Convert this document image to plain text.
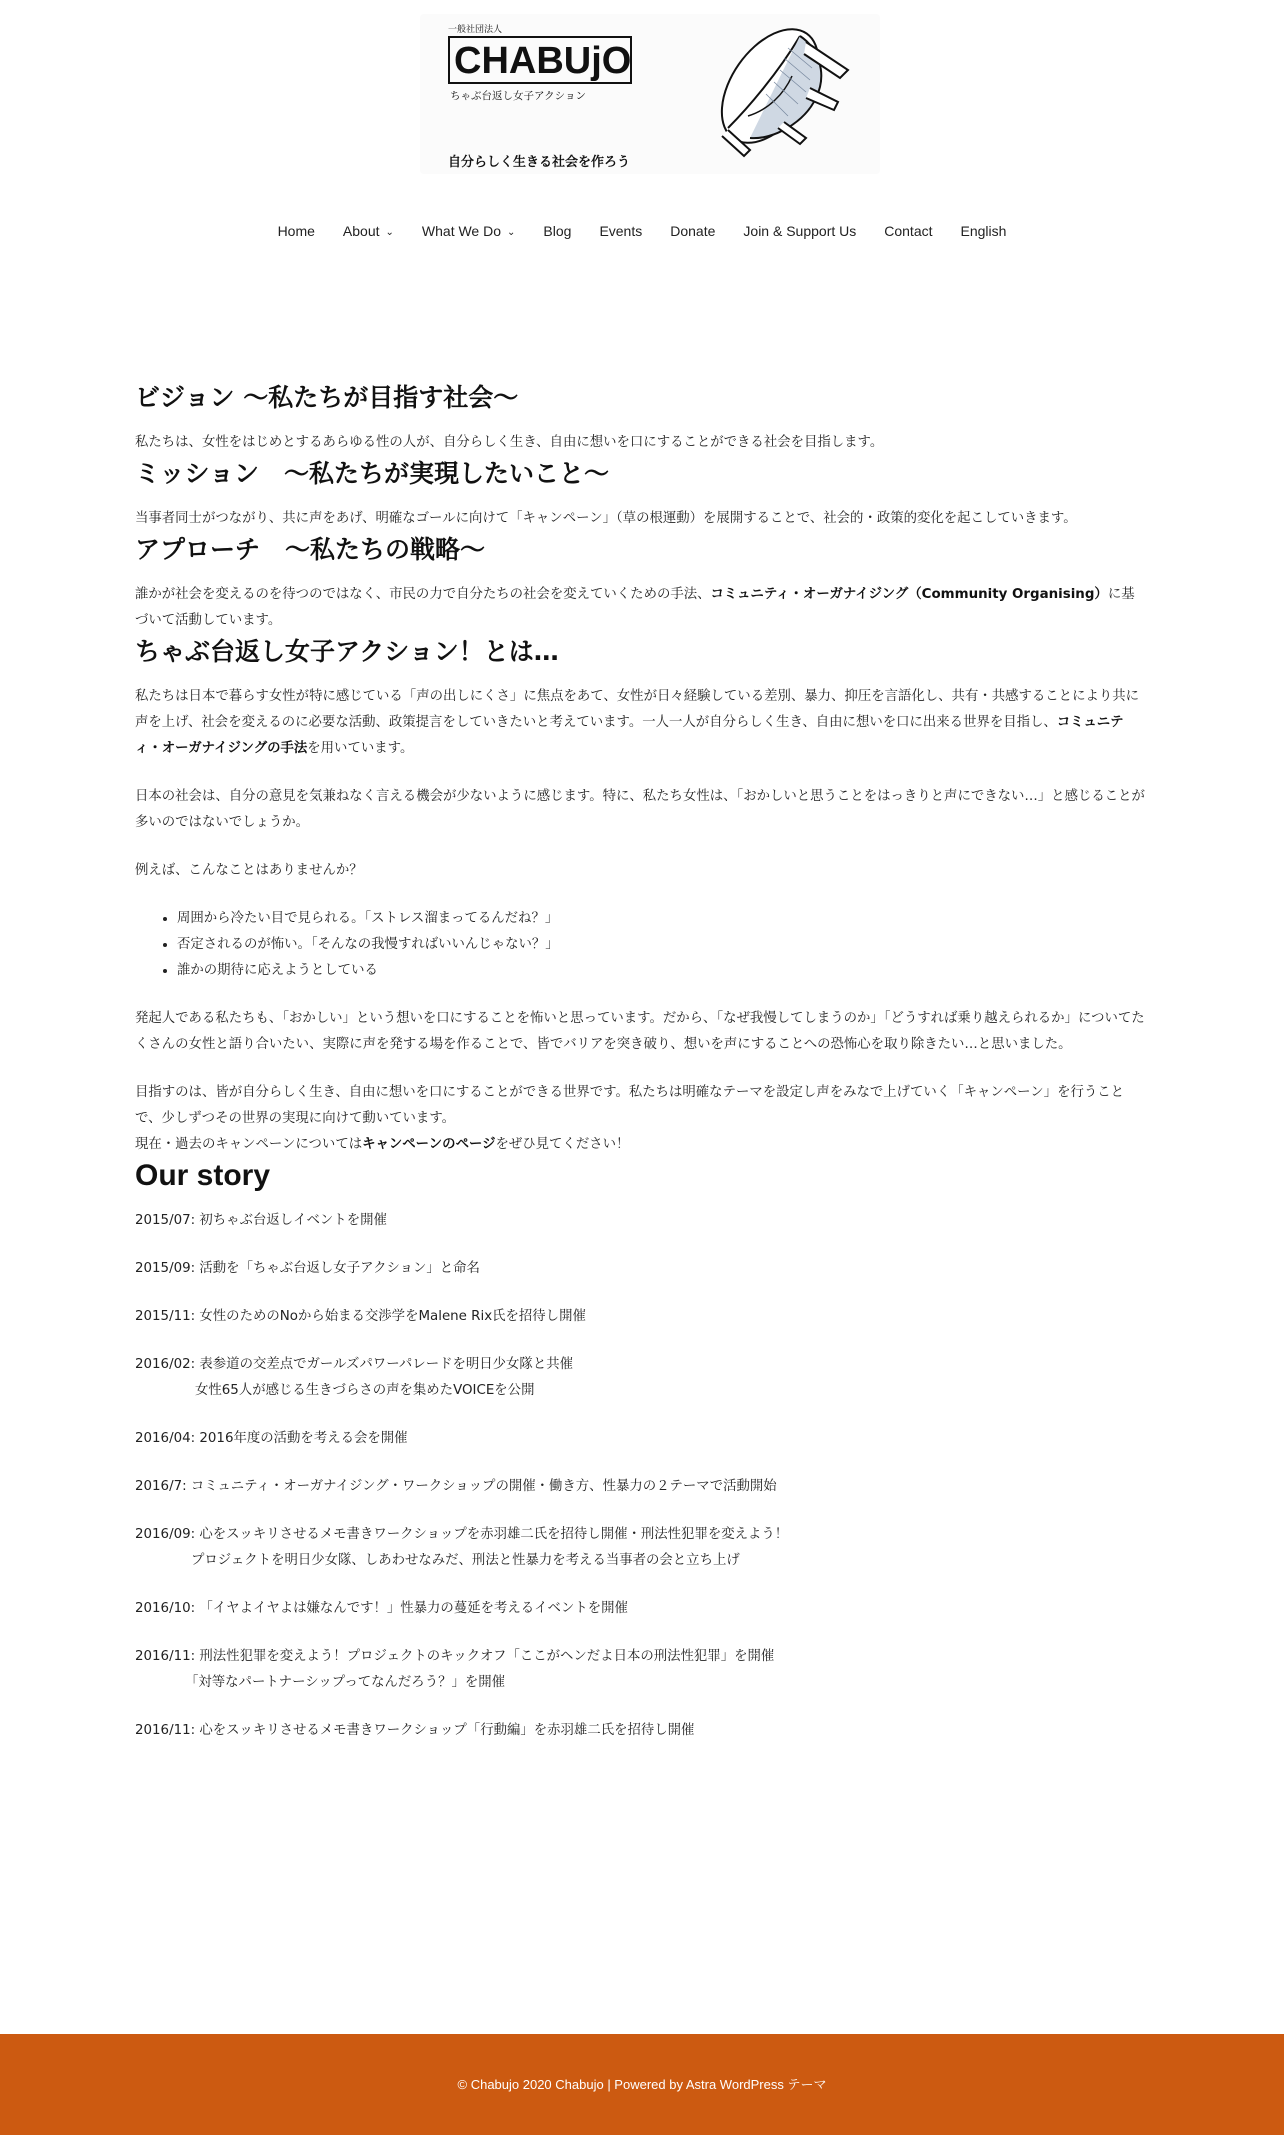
一般社団法人
CHABUjO
ちゃぶ台返し女子アクション
自分らしく生きる社会を作ろう
Home	About ⌄	What We Do ⌄	Blog	Events	Donate	Join & Support Us	Contact	English
ビジョン 〜私たちが目指す社会〜

私たちは、女性をはじめとするあらゆる性の人が、自分らしく生き、自由に想いを口にすることができる社会を目指します。

ミッション　〜私たちが実現したいこと〜

当事者同士がつながり、共に声をあげ、明確なゴールに向けて「キャンペーン」（草の根運動）を展開することで、社会的・政策的変化を起こしていきます。

アプローチ　〜私たちの戦略〜

誰かが社会を変えるのを待つのではなく、市民の力で自分たちの社会を変えていくための手法、コミュニティ・オーガナイジング（Community Organising）に基づいて活動しています。

ちゃぶ台返し女子アクション！とは…

私たちは日本で暮らす女性が特に感じている「声の出しにくさ」に焦点をあて、女性が日々経験している差別、暴力、抑圧を言語化し、共有・共感することにより共に声を上げ、社会を変えるのに必要な活動、政策提言をしていきたいと考えています。一人一人が自分らしく生き、自由に想いを口に出来る世界を目指し、コミュニティ・オーガナイジングの手法を用いています。

日本の社会は、自分の意見を気兼ねなく言える機会が少ないように感じます。特に、私たち女性は、「おかしいと思うことをはっきりと声にできない…」と感じることが多いのではないでしょうか。

例えば、こんなことはありませんか？

• 周囲から冷たい目で見られる。「ストレス溜まってるんだね？」
• 否定されるのが怖い。「そんなの我慢すればいいんじゃない？」
• 誰かの期待に応えようとしている

発起人である私たちも、「おかしい」という想いを口にすることを怖いと思っています。だから、「なぜ我慢してしまうのか」「どうすれば乗り越えられるか」についてたくさんの女性と語り合いたい、実際に声を発する場を作ることで、皆でバリアを突き破り、想いを声にすることへの恐怖心を取り除きたい…と思いました。

目指すのは、皆が自分らしく生き、自由に想いを口にすることができる世界です。私たちは明確なテーマを設定し声をみなで上げていく「キャンペーン」を行うことで、少しずつその世界の実現に向けて動いています。

現在・過去のキャンペーンについてはキャンペーンのページをぜひ見てください！

Our story

2015/07: 初ちゃぶ台返しイベントを開催

2015/09: 活動を「ちゃぶ台返し女子アクション」と命名

2015/11: 女性のためのNoから始まる交渉学をMalene Rix氏を招待し開催

2016/02: 表参道の交差点でガールズパワーパレードを明日少女隊と共催

女性65人が感じる生きづらさの声を集めたVOICEを公開

2016/04: 2016年度の活動を考える会を開催

2016/7: コミュニティ・オーガナイジング・ワークショップの開催・働き方、性暴力の２テーマで活動開始

2016/09: 心をスッキリさせるメモ書きワークショップを赤羽雄二氏を招待し開催・刑法性犯罪を変えよう！

プロジェクトを明日少女隊、しあわせなみだ、刑法と性暴力を考える当事者の会と立ち上げ

2016/10: 「イヤよイヤよは嫌なんです！」性暴力の蔓延を考えるイベントを開催

2016/11: 刑法性犯罪を変えよう！プロジェクトのキックオフ「ここがヘンだよ日本の刑法性犯罪」を開催

「対等なパートナーシップってなんだろう？」を開催

2016/11: 心をスッキリさせるメモ書きワークショップ「行動編」を赤羽雄二氏を招待し開催

© Chabujo 2020 Chabujo | Powered by Astra WordPress テーマ
